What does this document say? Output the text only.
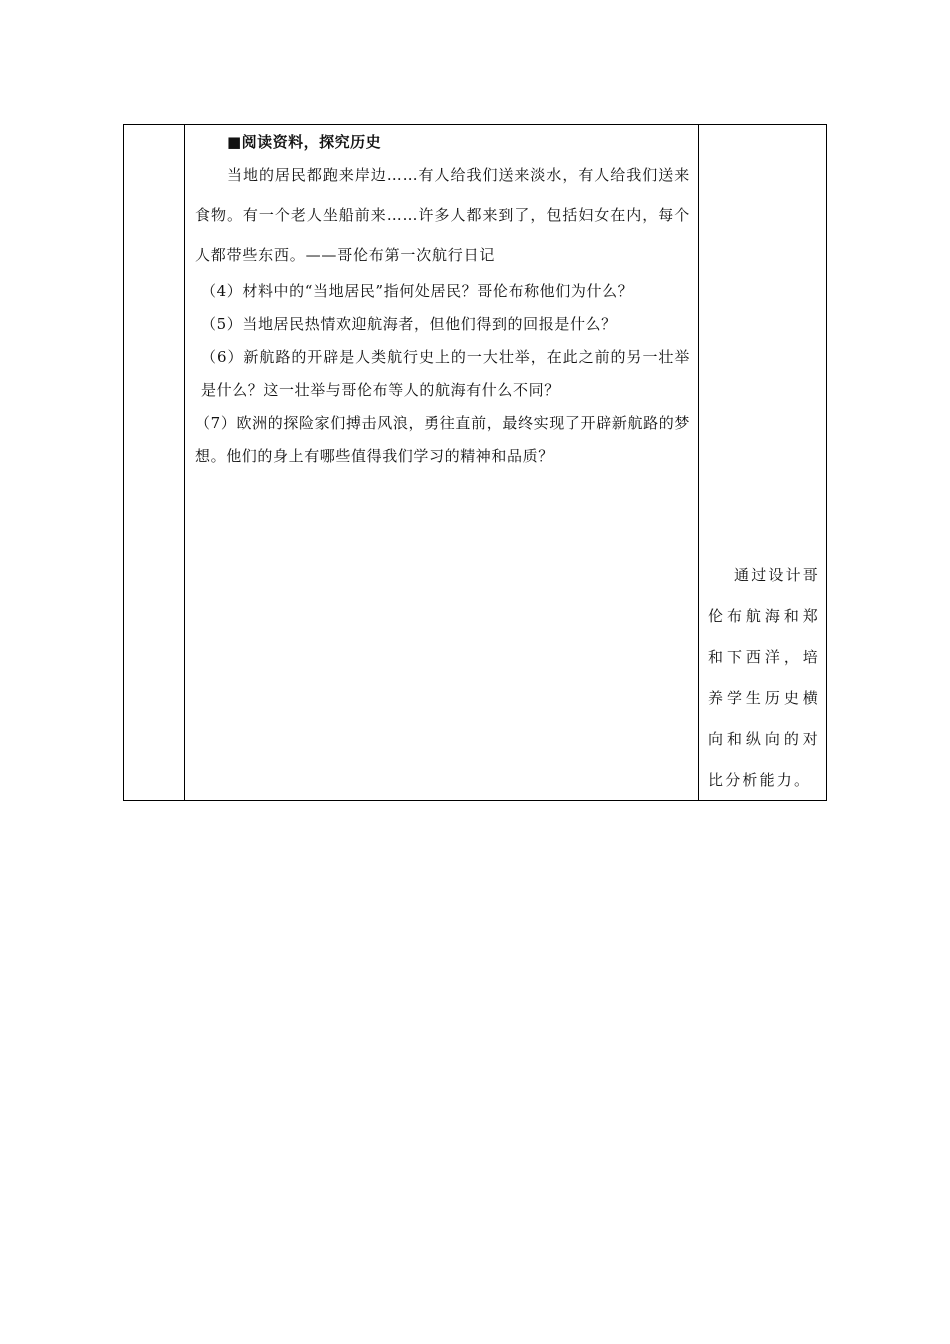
■阅读资料，探究历史

当地的居民都跑来岸边……有人给我们送来淡水，有人给我们送来食物。有一个老人坐船前来……许多人都来到了，包括妇女在内，每个人都带些东西。——哥伦布第一次航行日记

（4）材料中的“当地居民”指何处居民？哥伦布称他们为什么？

（5）当地居民热情欢迎航海者，但他们得到的回报是什么？

（6）新航路的开辟是人类航行史上的一大壮举，在此之前的另一壮举是什么？这一壮举与哥伦布等人的航海有什么不同？

（7）欧洲的探险家们搏击风浪，勇往直前，最终实现了开辟新航路的梦想。他们的身上有哪些值得我们学习的精神和品质？

通过设计哥伦布航海和郑和下西洋，培养学生历史横向和纵向的对比分析能力。
